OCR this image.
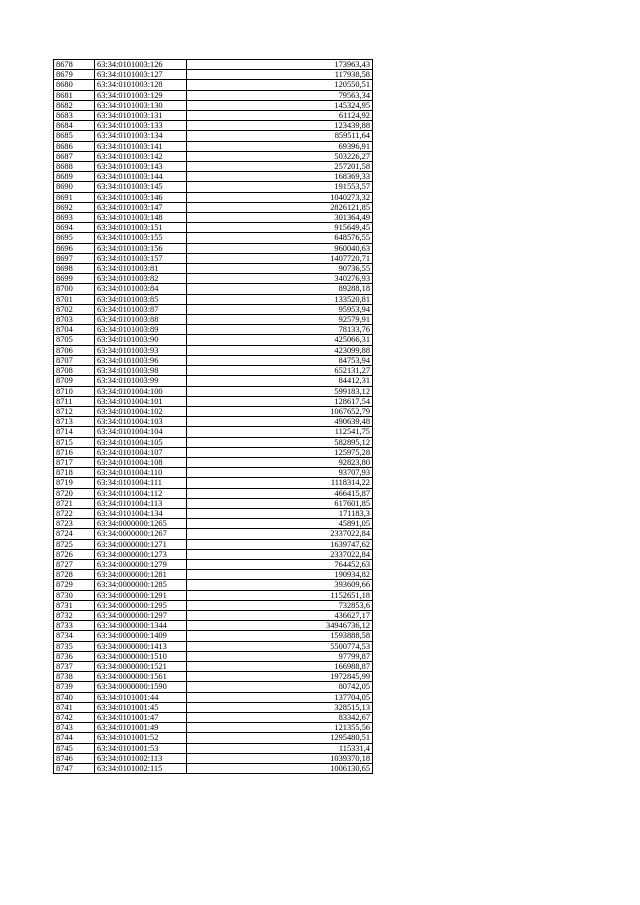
8678	63:34:0101003:126	173963,43
8679	63:34:0101003:127	117938,58
8680	63:34:0101003:128	120550,51
8681	63:34:0101003:129	79563,34
8682	63:34:0101003:130	145324,95
8683	63:34:0101003:131	61124,92
8684	63:34:0101003:133	123439,88
8685	63:34:0101003:134	859511,64
8686	63:34:0101003:141	69396,91
8687	63:34:0101003:142	503226,27
8688	63:34:0101003:143	257201,58
8689	63:34:0101003:144	168369,33
8690	63:34:0101003:145	191553,57
8691	63:34:0101003:146	1040273,32
8692	63:34:0101003:147	2826121,85
8693	63:34:0101003:148	301364,49
8694	63:34:0101003:151	915649,45
8695	63:34:0101003:155	648576,55
8696	63:34:0101003:156	960040,63
8697	63:34:0101003:157	1407720,71
8698	63:34:0101003:81	90736,55
8699	63:34:0101003:82	340276,93
8700	63:34:0101003:84	89288,18
8701	63:34:0101003:85	133520,81
8702	63:34:0101003:87	95953,94
8703	63:34:0101003:88	92579,91
8704	63:34:0101003:89	78133,76
8705	63:34:0101003:90	425066,31
8706	63:34:0101003:93	423099,88
8707	63:34:0101003:96	84753,94
8708	63:34:0101003:98	652131,27
8709	63:34:0101003:99	84412,31
8710	63:34:0101004:100	599183,12
8711	63:34:0101004:101	128617,54
8712	63:34:0101004:102	1067652,79
8713	63:34:0101004:103	490639,48
8714	63:34:0101004:104	112541,75
8715	63:34:0101004:105	582895,12
8716	63:34:0101004:107	125975,28
8717	63:34:0101004:108	92823,80
8718	63:34:0101004:110	93707,93
8719	63:34:0101004:111	1118314,22
8720	63:34:0101004:112	466415,87
8721	63:34:0101004:113	617601,85
8722	63:34:0101004:134	171183,3
8723	63:34:0000000:1265	45891,05
8724	63:34:0000000:1267	2337022,84
8725	63:34:0000000:1271	1639747,62
8726	63:34:0000000:1273	2337022,84
8727	63:34:0000000:1279	764452,63
8728	63:34:0000000:1281	190934,82
8729	63:34:0000000:1285	393609,66
8730	63:34:0000000:1291	1152651,18
8731	63:34:0000000:1295	732853,6
8732	63:34:0000000:1297	436627,17
8733	63:34:0000000:1344	34946736,12
8734	63:34:0000000:1409	1593888,58
8735	63:34:0000000:1413	5500774,53
8736	63:34:0000000:1510	97799,87
8737	63:34:0000000:1521	166988,87
8738	63:34:0000000:1561	1972845,99
8739	63:34:0000000:1590	80742,05
8740	63:34:0101001:44	137704,05
8741	63:34:0101001:45	328515,13
8742	63:34:0101001:47	83342,67
8743	63:34:0101001:49	121355,56
8744	63:34:0101001:52	1295480,51
8745	63:34:0101001:53	115331,4
8746	63:34:0101002:113	1039370,18
8747	63:34:0101002:115	1006130,65
